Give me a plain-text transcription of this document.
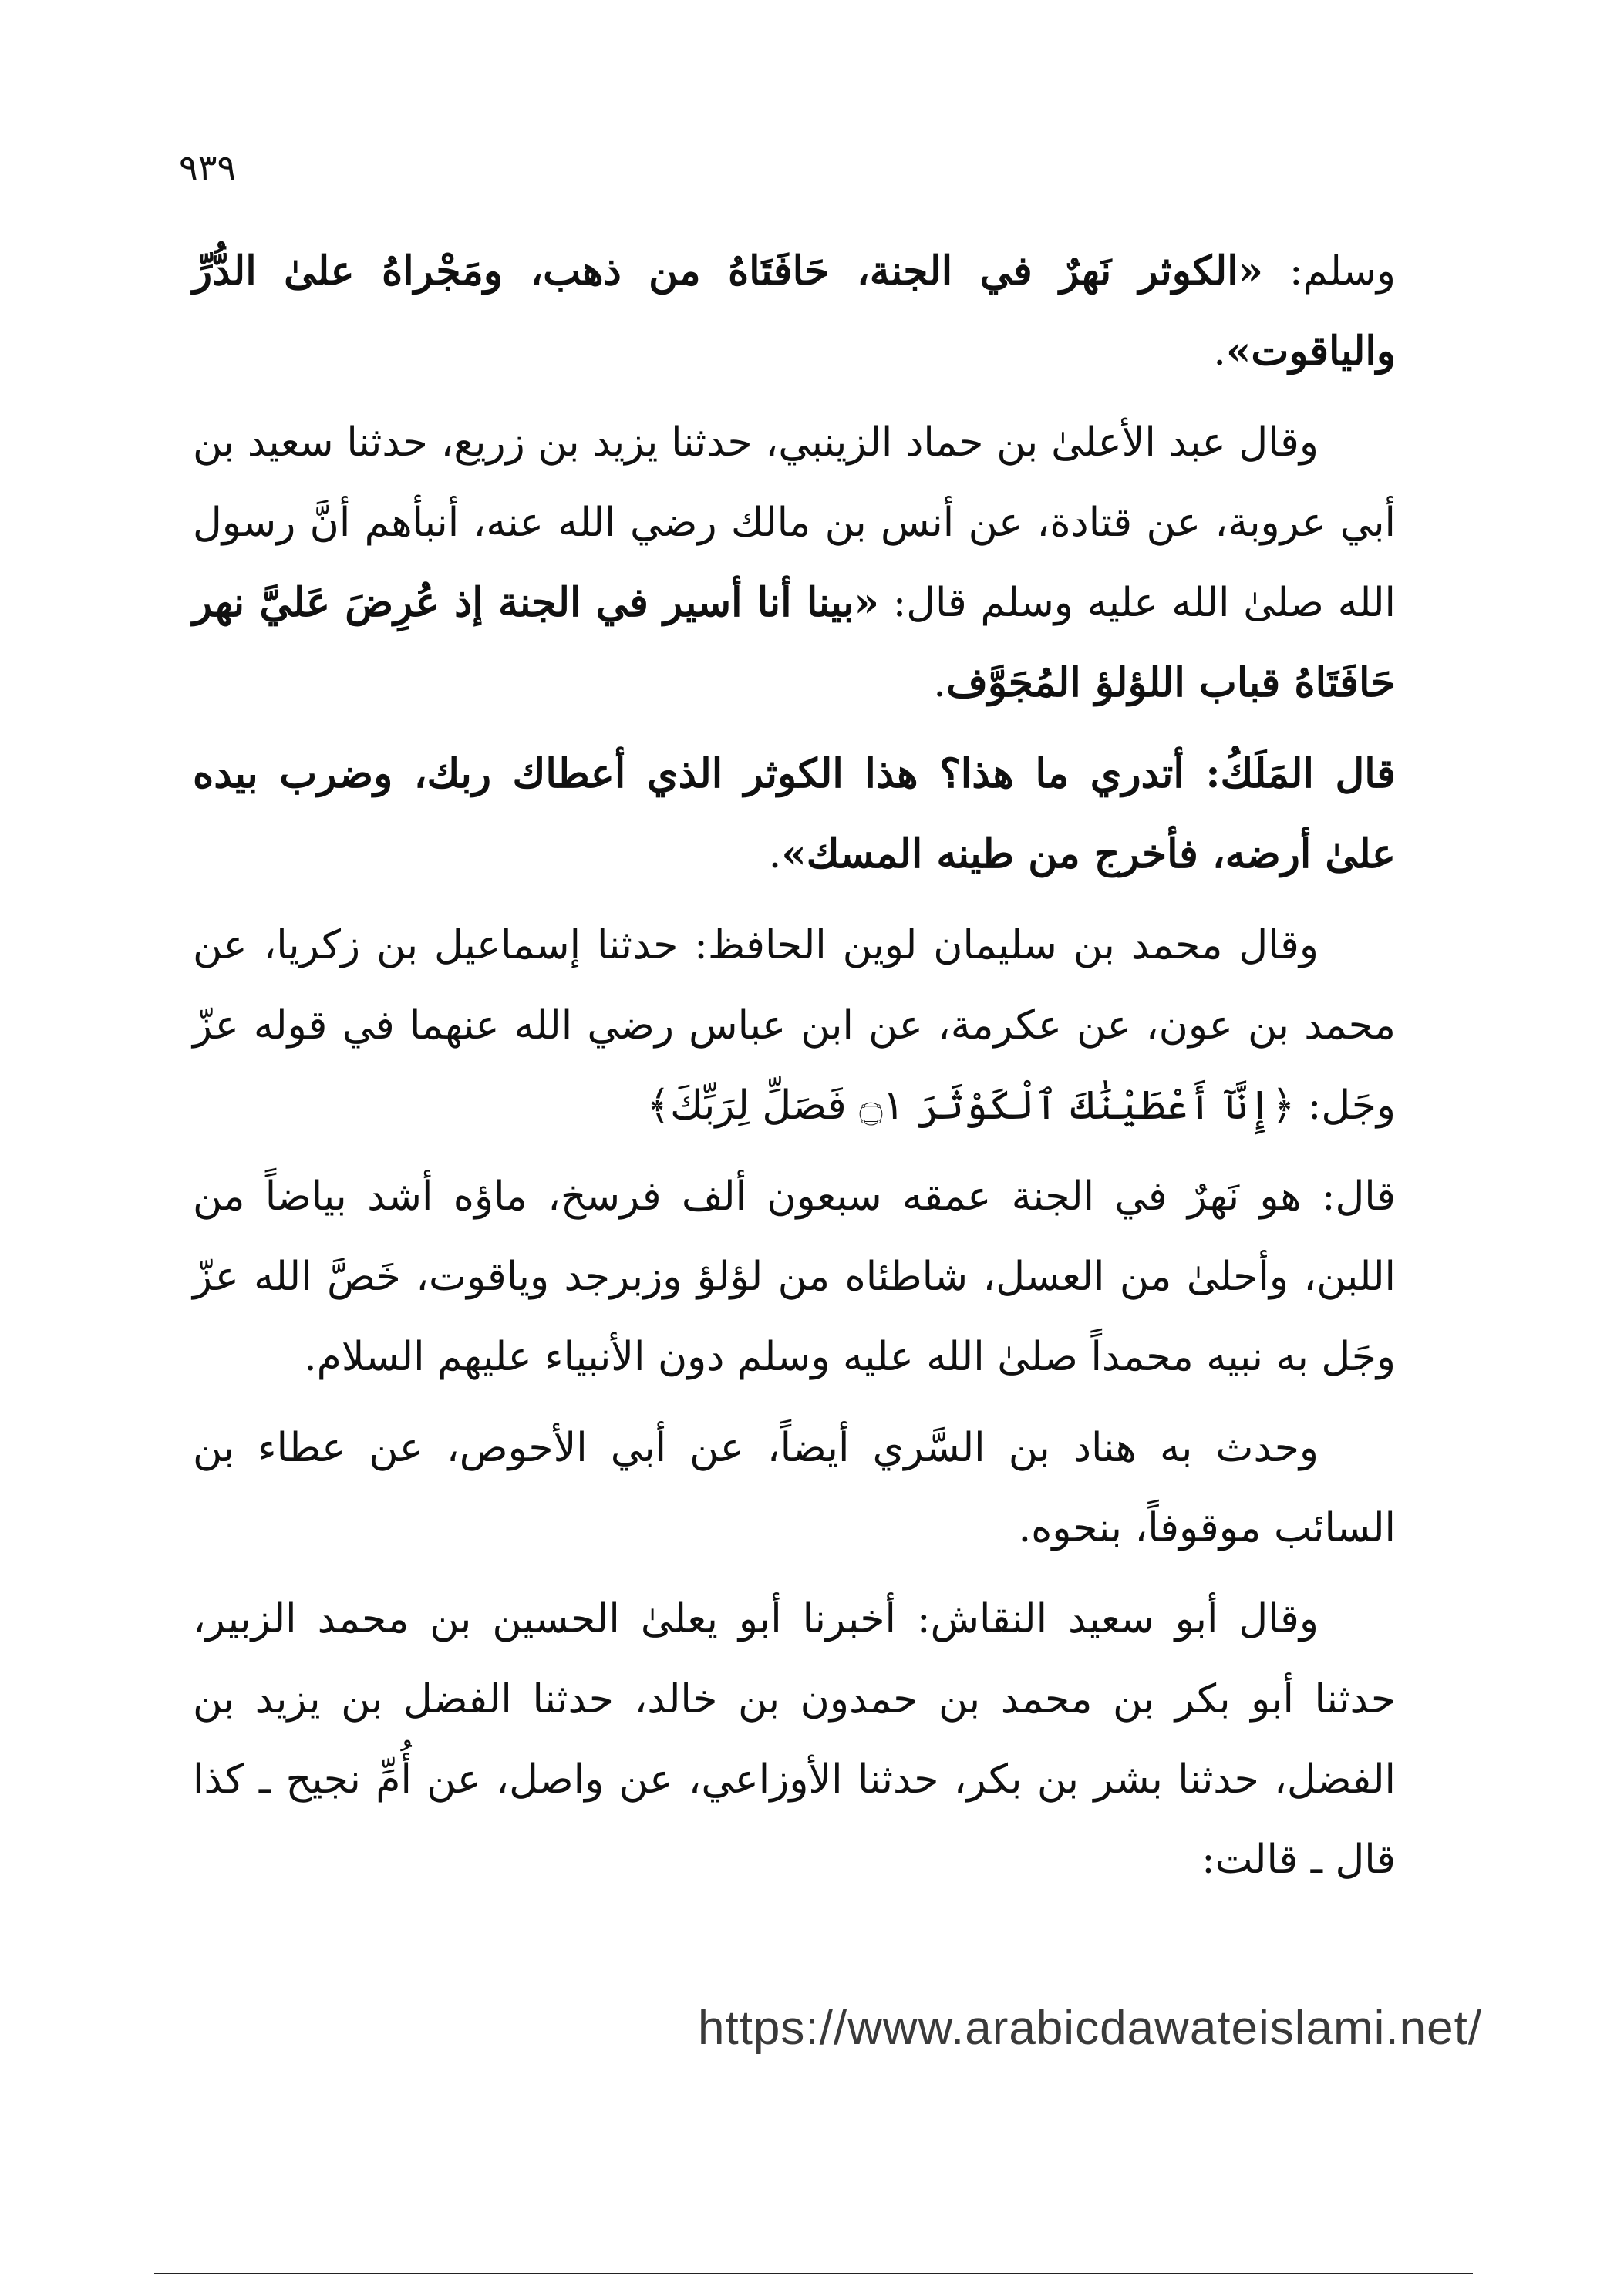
٩٣٩

وسلم: «الكوثر نَهرٌ في الجنة، حَافَتَاهُ من ذهب، ومَجْراهُ علىٰ الدُّرِّ والياقوت».

وقال عبد الأعلىٰ بن حماد الزينبي، حدثنا يزيد بن زريع، حدثنا سعيد بن أبي عروبة، عن قتادة، عن أنس بن مالك رضي الله عنه، أنبأهم أنَّ رسول الله صلىٰ الله عليه وسلم قال: «بينا أنا أسير في الجنة إذ عُرِضَ عَليَّ نهر حَافَتَاهُ قباب اللؤلؤ المُجَوَّف.

قال المَلَكُ: أتدري ما هذا؟ هذا الكوثر الذي أعطاك ربك، وضرب بيده علىٰ أرضه، فأخرج من طينه المسك».

وقال محمد بن سليمان لوين الحافظ: حدثنا إسماعيل بن زكريا، عن محمد بن عون، عن عكرمة، عن ابن عباس رضي الله عنهما في قوله عزّ وجَل: ﴿إِنَّآ أَعْطَيْنَٰكَ ٱلْكَوْثَرَ ۝١ فَصَلِّ لِرَبِّكَ﴾

قال: هو نَهرٌ في الجنة عمقه سبعون ألف فرسخ، ماؤه أشد بياضاً من اللبن، وأحلىٰ من العسل، شاطئاه من لؤلؤ وزبرجد وياقوت، خَصَّ الله عزّ وجَل به نبيه محمداً صلىٰ الله عليه وسلم دون الأنبياء عليهم السلام.

وحدث به هناد بن السَّري أيضاً، عن أبي الأحوص، عن عطاء بن السائب موقوفاً، بنحوه.

وقال أبو سعيد النقاش: أخبرنا أبو يعلىٰ الحسين بن محمد الزبير، حدثنا أبو بكر بن محمد بن حمدون بن خالد، حدثنا الفضل بن يزيد بن الفضل، حدثنا بشر بن بكر، حدثنا الأوزاعي، عن واصل، عن أُمِّ نجيح ـ كذا قال ـ قالت:

https://www.arabicdawateislami.net/
